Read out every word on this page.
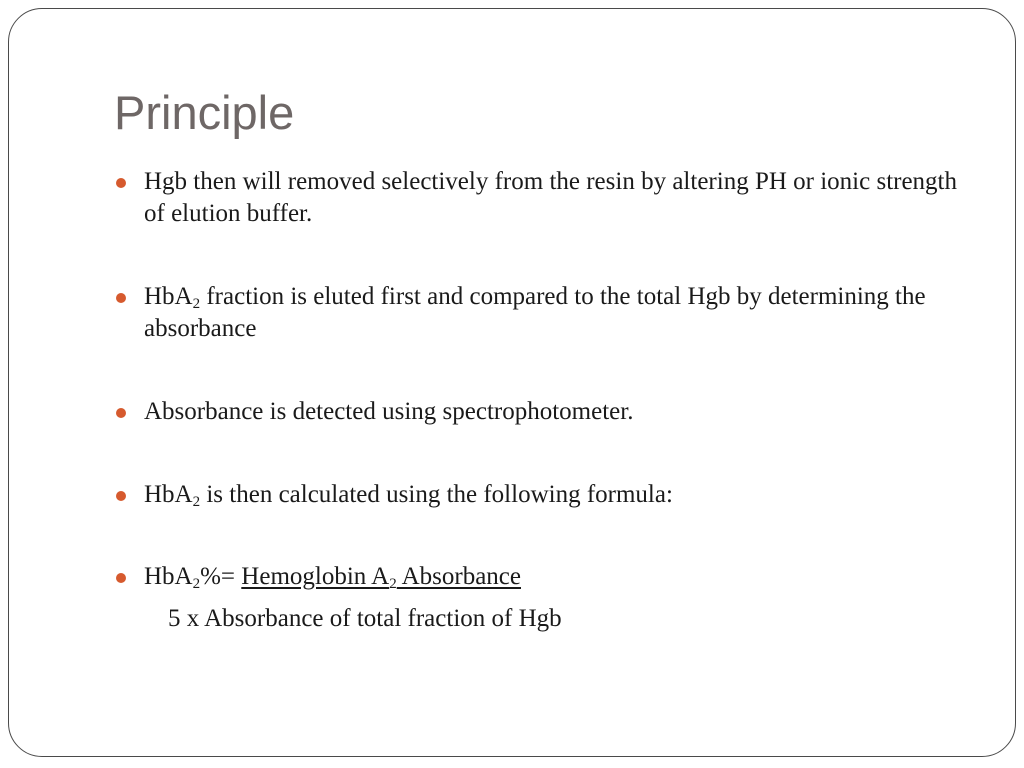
Principle
Hgb then will removed selectively from the resin by altering PH or ionic strength of elution buffer.
HbA$_2$ fraction is eluted first and compared to the total Hgb by determining the absorbance
Absorbance is detected using spectrophotometer.
HbA$_2$ is then calculated using the following formula:
HbA$_2$%= Hemoglobin $A_2$ Absorbance
5 x Absorbance of total fraction of Hgb
